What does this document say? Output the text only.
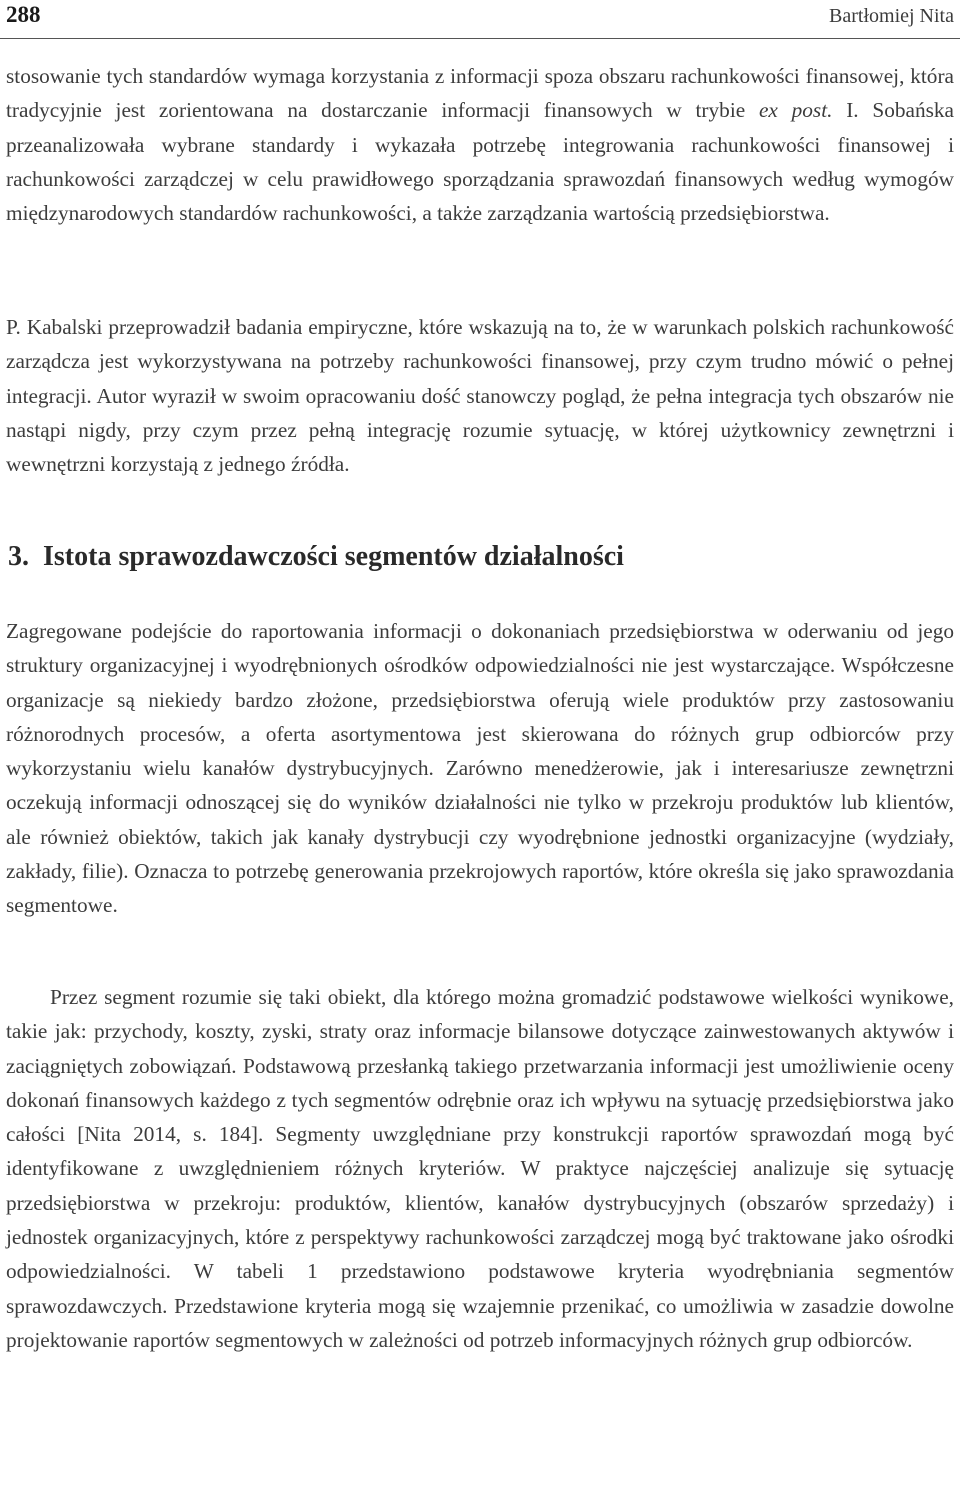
288	Bartłomiej Nita

stosowanie tych standardów wymaga korzystania z informacji spoza obszaru rachunkowości finansowej, która tradycyjnie jest zorientowana na dostarczanie informacji finansowych w trybie ex post. I. Sobańska przeanalizowała wybrane standardy i wykazała potrzebę integrowania rachunkowości finansowej i rachunkowości zarządczej w celu prawidłowego sporządzania sprawozdań finansowych według wymogów międzynarodowych standardów rachunkowości, a także zarządzania wartością przedsiębiorstwa.

P. Kabalski przeprowadził badania empiryczne, które wskazują na to, że w warunkach polskich rachunkowość zarządcza jest wykorzystywana na potrzeby rachunkowości finansowej, przy czym trudno mówić o pełnej integracji. Autor wyraził w swoim opracowaniu dość stanowczy pogląd, że pełna integracja tych obszarów nie nastąpi nigdy, przy czym przez pełną integrację rozumie sytuację, w której użytkownicy zewnętrzni i wewnętrzni korzystają z jednego źródła.

3. Istota sprawozdawczości segmentów działalności

Zagregowane podejście do raportowania informacji o dokonaniach przedsiębiorstwa w oderwaniu od jego struktury organizacyjnej i wyodrębnionych ośrodków odpowiedzialności nie jest wystarczające. Współczesne organizacje są niekiedy bardzo złożone, przedsiębiorstwa oferują wiele produktów przy zastosowaniu różnorodnych procesów, a oferta asortymentowa jest skierowana do różnych grup odbiorców przy wykorzystaniu wielu kanałów dystrybucyjnych. Zarówno menedżerowie, jak i interesariusze zewnętrzni oczekują informacji odnoszącej się do wyników działalności nie tylko w przekroju produktów lub klientów, ale również obiektów, takich jak kanały dystrybucji czy wyodrębnione jednostki organizacyjne (wydziały, zakłady, filie). Oznacza to potrzebę generowania przekrojowych raportów, które określa się jako sprawozdania segmentowe.

Przez segment rozumie się taki obiekt, dla którego można gromadzić podstawowe wielkości wynikowe, takie jak: przychody, koszty, zyski, straty oraz informacje bilansowe dotyczące zainwestowanych aktywów i zaciągniętych zobowiązań. Podstawową przesłanką takiego przetwarzania informacji jest umożliwienie oceny dokonań finansowych każdego z tych segmentów odrębnie oraz ich wpływu na sytuację przedsiębiorstwa jako całości [Nita 2014, s. 184]. Segmenty uwzględniane przy konstrukcji raportów sprawozdań mogą być identyfikowane z uwzględnieniem różnych kryteriów. W praktyce najczęściej analizuje się sytuację przedsiębiorstwa w przekroju: produktów, klientów, kanałów dystrybucyjnych (obszarów sprzedaży) i jednostek organizacyjnych, które z perspektywy rachunkowości zarządczej mogą być traktowane jako ośrodki odpowiedzialności. W tabeli 1 przedstawiono podstawowe kryteria wyodrębniania segmentów sprawozdawczych. Przedstawione kryteria mogą się wzajemnie przenikać, co umożliwia w zasadzie dowolne projektowanie raportów segmentowych w zależności od potrzeb informacyjnych różnych grup odbiorców.
